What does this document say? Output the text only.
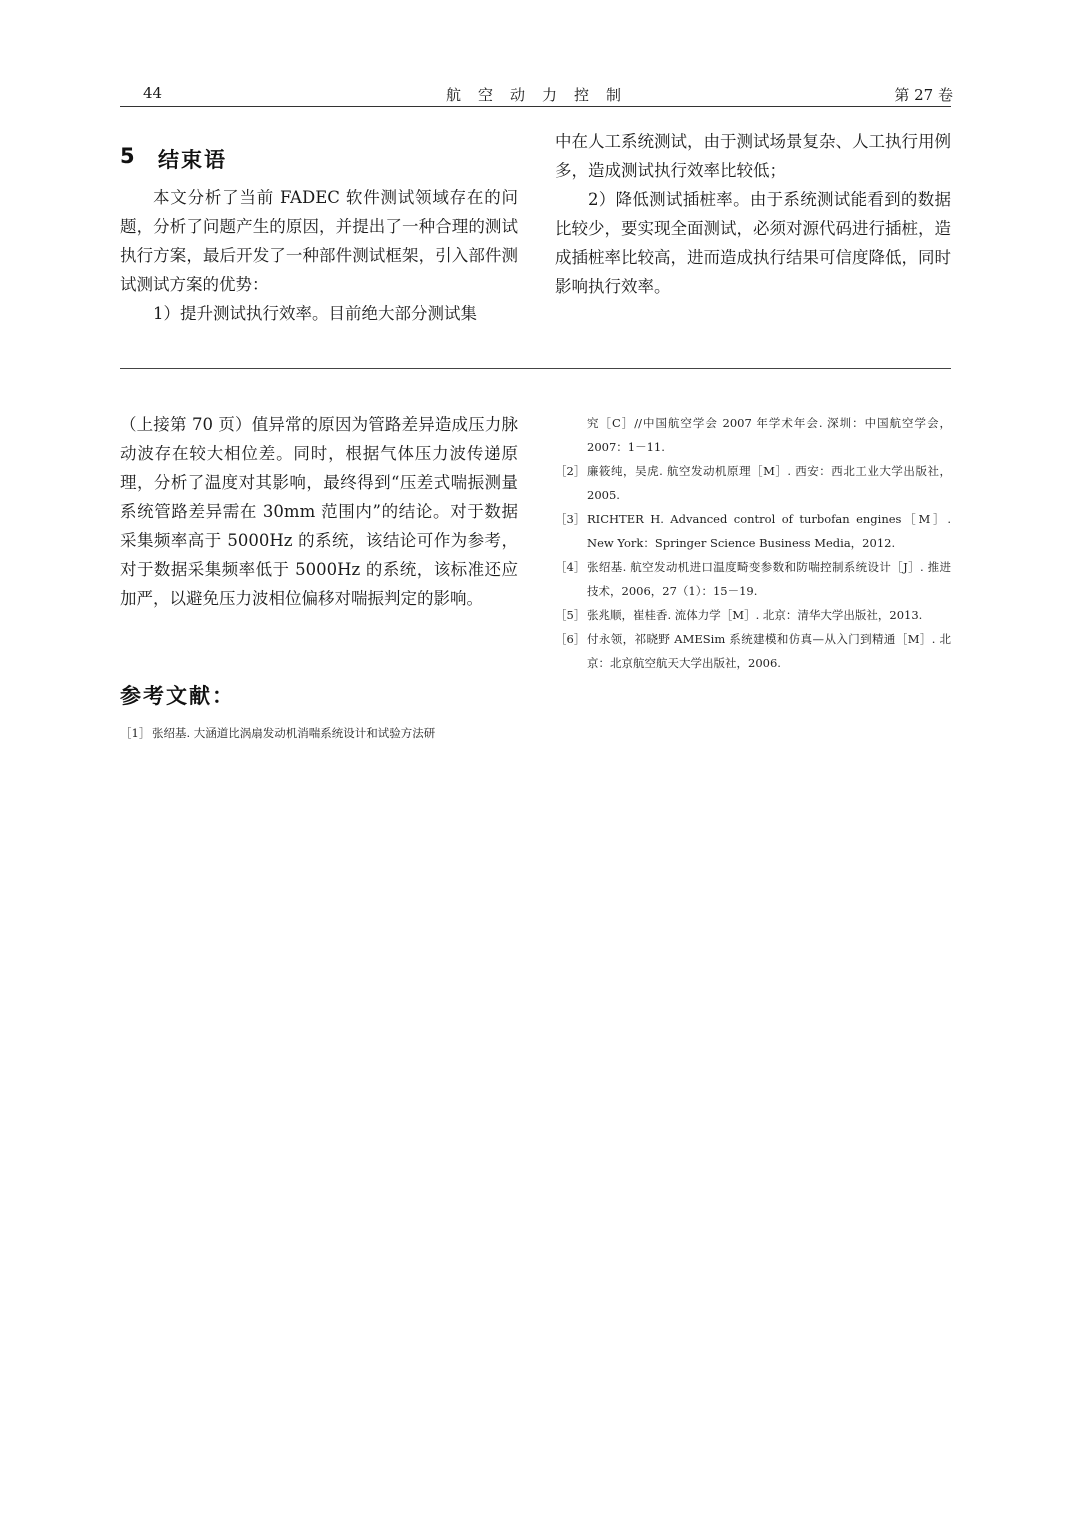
44	航空动力控制	第 27 卷
5 结束语

本文分析了当前 FADEC 软件测试领域存在的问题，分析了问题产生的原因，并提出了一种合理的测试执行方案，最后开发了一种部件测试框架，引入部件测试测试方案的优势：

1）提升测试执行效率。目前绝大部分测试集

中在人工系统测试，由于测试场景复杂、人工执行用例多，造成测试执行效率比较低；

2）降低测试插桩率。由于系统测试能看到的数据比较少，要实现全面测试，必须对源代码进行插桩，造成插桩率比较高，进而造成执行结果可信度降低，同时影响执行效率。

（上接第 70 页）值异常的原因为管路差异造成压力脉动波存在较大相位差。同时，根据气体压力波传递原理，分析了温度对其影响，最终得到“压差式喘振测量系统管路差异需在 30mm 范围内”的结论。对于数据采集频率高于 5000Hz 的系统，该结论可作为参考，对于数据采集频率低于 5000Hz 的系统，该标准还应加严，以避免压力波相位偏移对喘振判定的影响。

参考文献：
［1］ 张绍基. 大涵道比涡扇发动机消喘系统设计和试验方法研
究［C］//中国航空学会 2007 年学术年会. 深圳：中国航空学会，2007：1－11.
［2］ 廉筱纯，吴虎. 航空发动机原理［M］. 西安：西北工业大学出版社，2005.
［3］ RICHTER H. Advanced control of turbofan engines［M］. New York：Springer Science Business Media，2012.
［4］ 张绍基. 航空发动机进口温度畸变参数和防喘控制系统设计［J］. 推进技术，2006，27（1）：15－19.
［5］ 张兆顺，崔桂香. 流体力学［M］. 北京：清华大学出版社，2013.
［6］ 付永领，祁晓野 AMESim 系统建模和仿真—从入门到精通［M］. 北京：北京航空航天大学出版社，2006.
